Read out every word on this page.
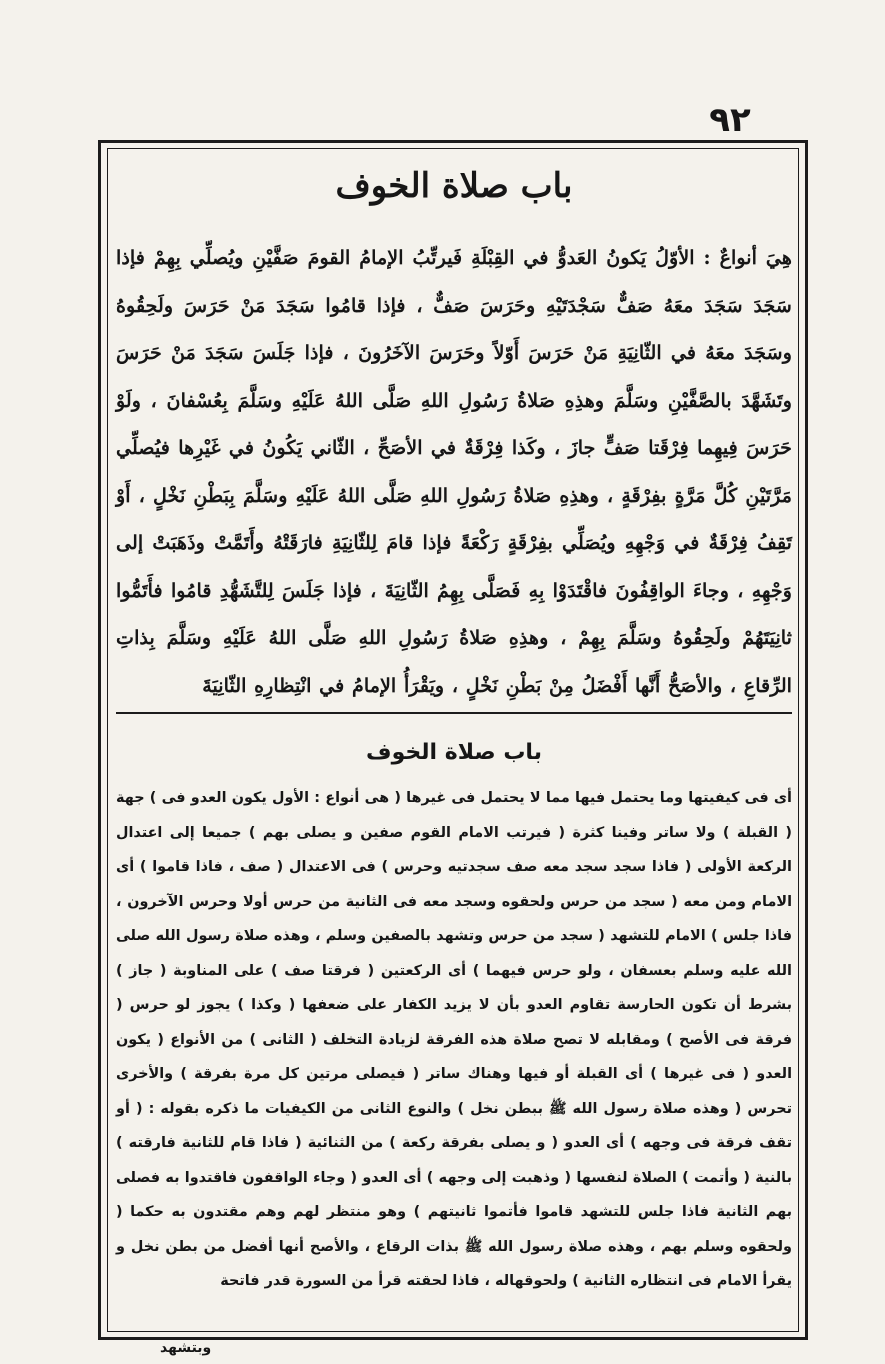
٩٢
باب صلاة الخوف

هِيَ أنواعٌ : الأوّلُ يَكونُ العَدوُّ في القِبْلَةِ فَيرتِّبُ الإمامُ القومَ صَفَّيْنِ ويُصلِّي بِهِمْ فإذا سَجَدَ سَجَدَ معَهُ صَفٌّ سَجْدَتَيْهِ وحَرَسَ صَفٌّ ، فإذا قامُوا سَجَدَ مَنْ حَرَسَ ولَحِقُوهُ وسَجَدَ معَهُ في الثّانِيَةِ مَنْ حَرَسَ أَوّلاً وحَرَسَ الآخَرُونَ ، فإذا جَلَسَ سَجَدَ مَنْ حَرَسَ وتَشَهَّدَ بالصَّفَّيْنِ وسَلَّمَ وهذِهِ صَلاةُ رَسُولِ اللهِ صَلَّى اللهُ عَلَيْهِ وسَلَّمَ بِعُسْفانَ ، ولَوْ حَرَسَ فِيهِما فِرْقَتا صَفٍّ جازَ ، وكَذا فِرْقَةٌ في الأصَحِّ ، الثّاني يَكُونُ في غَيْرِها فيُصلِّي مَرَّتَيْنِ كُلَّ مَرَّةٍ بفِرْقَةٍ ، وهذِهِ صَلاةُ رَسُولِ اللهِ صَلَّى اللهُ عَلَيْهِ وسَلَّمَ بِبَطْنِ نَخْلٍ ، أَوْ تَقِفُ فِرْقَةٌ في وَجْهِهِ ويُصَلِّي بفِرْقَةٍ رَكْعَةً فإذا قامَ لِلثّانِيَةِ فارَقَتْهُ وأَتَمَّتْ وذَهَبَتْ إلى وَجْهِهِ ، وجاءَ الواقِفُونَ فاقْتَدَوْا بِهِ فَصَلَّى بِهِمُ الثّانِيَةَ ، فإذا جَلَسَ لِلتَّشَهُّدِ قامُوا فأَتَمُّوا ثانِيَتَهُمْ ولَحِقُوهُ وسَلَّمَ بِهِمْ ، وهذِهِ صَلاةُ رَسُولِ اللهِ صَلَّى اللهُ عَلَيْهِ وسَلَّمَ بِذاتِ الرِّقاعِ ، والأصَحُّ أَنَّها أَفْضَلُ مِنْ بَطْنِ نَخْلٍ ، ويَقْرَأُ الإمامُ في انْتِظارِهِ الثّانِيَةَ

باب صلاة الخوف

أى فى كيفيتها وما يحتمل فيها مما لا يحتمل فى غيرها ( هى أنواع : الأول يكون العدو فى ) جهة ( القبلة ) ولا ساتر وفينا كثرة ( فيرتب الامام القوم صفين و يصلى بهم ) جميعا إلى اعتدال الركعة الأولى ( فاذا سجد سجد معه صف سجدتيه وحرس ) فى الاعتدال ( صف ، فاذا قاموا ) أى الامام ومن معه ( سجد من حرس ولحقوه وسجد معه فى الثانية من حرس أولا وحرس الآخرون ، فاذا جلس ) الامام للتشهد ( سجد من حرس وتشهد بالصفين وسلم ، وهذه صلاة رسول الله صلى الله عليه وسلم بعسفان ، ولو حرس فيهما ) أى الركعتين ( فرقتا صف ) على المناوبة ( جاز ) بشرط أن تكون الحارسة تقاوم العدو بأن لا يزيد الكفار على ضعفها ( وكذا ) يجوز لو حرس ( فرقة فى الأصح ) ومقابله لا تصح صلاة هذه الفرقة لزيادة التخلف ( الثانى ) من الأنواع ( يكون العدو ( فى غيرها ) أى القبلة أو فيها وهناك ساتر ( فيصلى مرتين كل مرة بفرقة ) والأخرى تحرس ( وهذه صلاة رسول الله ﷺ ببطن نخل ) والنوع الثانى من الكيفيات ما ذكره بقوله : ( أو تقف فرقة فى وجهه ) أى العدو ( و يصلى بفرقة ركعة ) من الثنائية ( فاذا قام للثانية فارقته ) بالنية ( وأتمت ) الصلاة لنفسها ( وذهبت إلى وجهه ) أى العدو ( وجاء الواقفون فاقتدوا به فصلى بهم الثانية فاذا جلس للتشهد قاموا فأتموا ثانيتهم ) وهو منتظر لهم وهم مقتدون به حكما ( ولحقوه وسلم بهم ، وهذه صلاة رسول الله ﷺ بذات الرقاع ، والأصح أنها أفضل من بطن نخل و يقرأ الامام فى انتظاره الثانية ) ولحوقهاله ، فاذا لحقته قرأ من السورة قدر فاتحة

وبتشهد
